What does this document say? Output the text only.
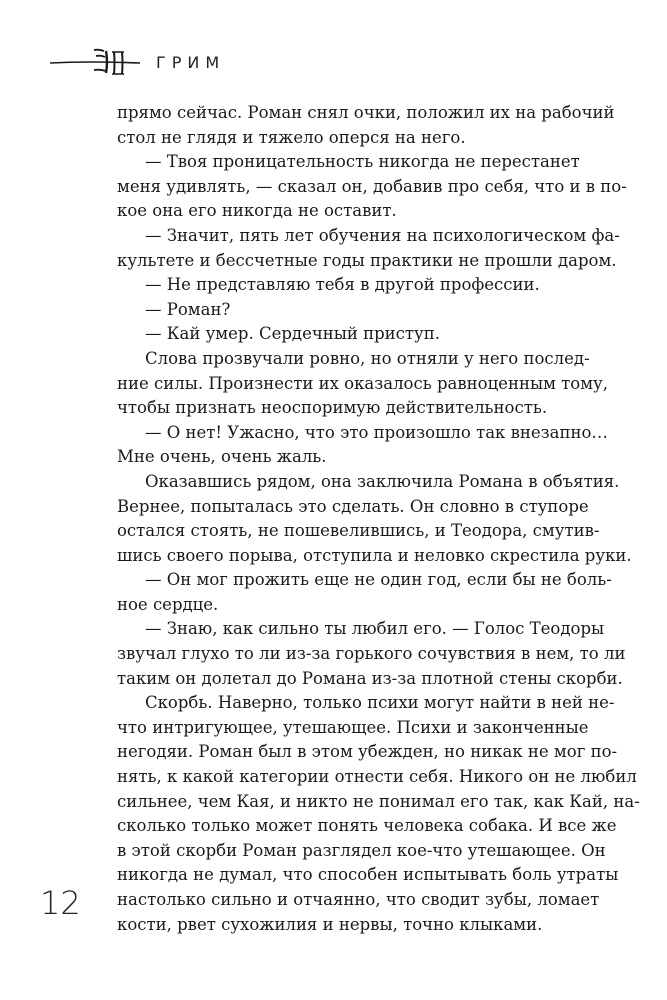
ГРИМ
прямо сейчас. Роман снял очки, положил их на рабочий
стол не глядя и тяжело оперся на него.
— Твоя проницательность никогда не перестанет
меня удивлять, — сказал он, добавив про себя, что и в по-
кое она его никогда не оставит.
— Значит, пять лет обучения на психологическом фа-
культете и бессчетные годы практики не прошли даром.
— Не представляю тебя в другой профессии.
— Роман?
— Кай умер. Сердечный приступ.
Слова прозвучали ровно, но отняли у него послед-
ние силы. Произнести их оказалось равноценным тому,
чтобы признать неоспоримую действительность.
— О нет! Ужасно, что это произошло так внезапно…
Мне очень, очень жаль.
Оказавшись рядом, она заключила Романа в объятия.
Вернее, попыталась это сделать. Он словно в ступоре
остался стоять, не пошевелившись, и Теодора, смутив-
шись своего порыва, отступила и неловко скрестила руки.
— Он мог прожить еще не один год, если бы не боль-
ное сердце.
— Знаю, как сильно ты любил его. — Голос Теодоры
звучал глухо то ли из-за горького сочувствия в нем, то ли
таким он долетал до Романа из-за плотной стены скорби.
Скорбь. Наверно, только психи могут найти в ней не-
что интригующее, утешающее. Психи и законченные
негодяи. Роман был в этом убежден, но никак не мог по-
нять, к какой категории отнести себя. Никого он не любил
сильнее, чем Кая, и никто не понимал его так, как Кай, на-
сколько только может понять человека собака. И все же
в этой скорби Роман разглядел кое-что утешающее. Он
никогда не думал, что способен испытывать боль утраты
настолько сильно и отчаянно, что сводит зубы, ломает
кости, рвет сухожилия и нервы, точно клыками.
12
